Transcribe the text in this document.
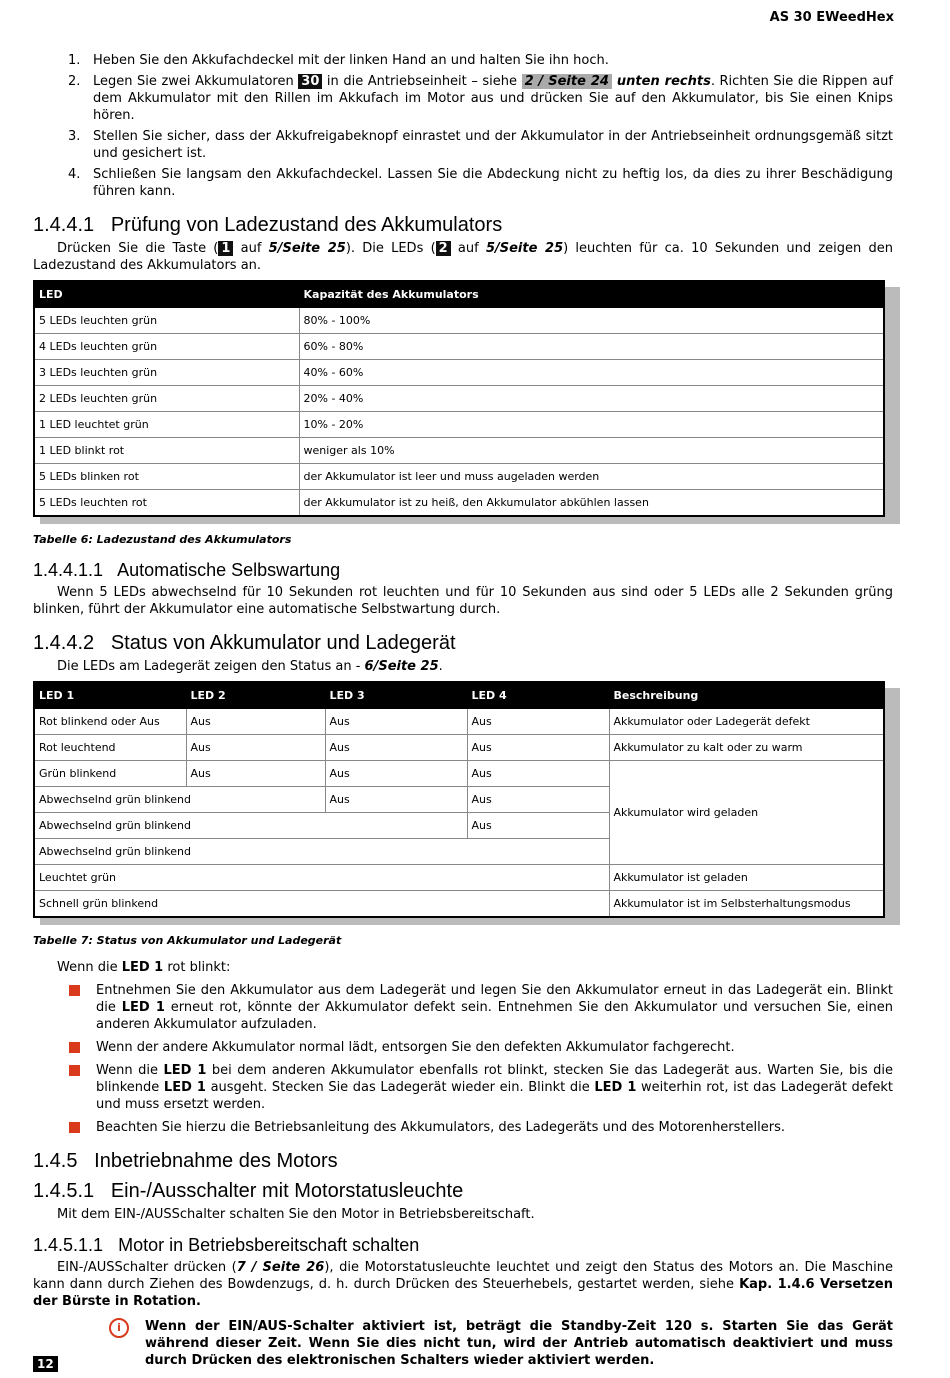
AS 30 EWeedHex
1. Heben Sie den Akkufachdeckel mit der linken Hand an und halten Sie ihn hoch.
2. Legen Sie zwei Akkumulatoren 30 in die Antriebseinheit – siehe 2 / Seite 24 unten rechts. Richten Sie die Rippen auf dem Akkumulator mit den Rillen im Akkufach im Motor aus und drücken Sie auf den Akkumulator, bis Sie einen Knips hören.
3. Stellen Sie sicher, dass der Akkufreigabeknopf einrastet und der Akkumulator in der Antriebseinheit ordnungsgemäß sitzt und gesichert ist.
4. Schließen Sie langsam den Akkufachdeckel. Lassen Sie die Abdeckung nicht zu heftig los, da dies zu ihrer Beschädigung führen kann.
1.4.4.1 Prüfung von Ladezustand des Akkumulators

Drücken Sie die Taste ( 1 auf 5/Seite 25). Die LEDs ( 2 auf 5/Seite 25) leuchten für ca. 10 Sekunden und zeigen den Ladezustand des Akkumulators an.

LED	Kapazität des Akkumulators
5 LEDs leuchten grün	80% - 100%
4 LEDs leuchten grün	60% - 80%
3 LEDs leuchten grün	40% - 60%
2 LEDs leuchten grün	20% - 40%
1 LED leuchtet grün	10% - 20%
1 LED blinkt rot	weniger als 10%
5 LEDs blinken rot	der Akkumulator ist leer und muss augeladen werden
5 LEDs leuchten rot	der Akkumulator ist zu heiß, den Akkumulator abkühlen lassen
Tabelle 6: Ladezustand des Akkumulators
1.4.4.1.1 Automatische Selbswartung

Wenn 5 LEDs abwechselnd für 10 Sekunden rot leuchten und für 10 Sekunden aus sind oder 5 LEDs alle 2 Sekunden grüng blinken, führt der Akkumulator eine automatische Selbstwartung durch.

1.4.4.2 Status von Akkumulator und Ladegerät

Die LEDs am Ladegerät zeigen den Status an - 6/Seite 25.

LED 1	LED 2	LED 3	LED 4	Beschreibung
Rot blinkend oder Aus	Aus	Aus	Aus	Akkumulator oder Ladegerät defekt
Rot leuchtend	Aus	Aus	Aus	Akkumulator zu kalt oder zu warm
Grün blinkend	Aus	Aus	Aus	Akkumulator wird geladen
Abwechselnd grün blinkend		Aus	Aus	
Abwechselnd grün blinkend			Aus	
Abwechselnd grün blinkend				
Leuchtet grün				Akkumulator ist geladen
Schnell grün blinkend				Akkumulator ist im Selbsterhaltungsmodus
Tabelle 7: Status von Akkumulator und Ladegerät

Wenn die LED 1 rot blinkt:

Entnehmen Sie den Akkumulator aus dem Ladegerät und legen Sie den Akkumulator erneut in das Ladegerät ein. Blinkt die LED 1 erneut rot, könnte der Akkumulator defekt sein. Entnehmen Sie den Akkumulator und versuchen Sie, einen anderen Akkumulator aufzuladen.
Wenn der andere Akkumulator normal lädt, entsorgen Sie den defekten Akkumulator fachgerecht.
Wenn die LED 1 bei dem anderen Akkumulator ebenfalls rot blinkt, stecken Sie das Ladegerät aus. Warten Sie, bis die blinkende LED 1 ausgeht. Stecken Sie das Ladegerät wieder ein. Blinkt die LED 1 weiterhin rot, ist das Ladegerät defekt und muss ersetzt werden.
Beachten Sie hierzu die Betriebsanleitung des Akkumulators, des Ladegeräts und des Motorenherstellers.
1.4.5 Inbetriebnahme des Motors
1.4.5.1 Ein-/Ausschalter mit Motorstatusleuchte

Mit dem EIN-/AUSSchalter schalten Sie den Motor in Betriebsbereitschaft.

1.4.5.1.1 Motor in Betriebsbereitschaft schalten

EIN-/AUSSchalter drücken (7 / Seite 26), die Motorstatusleuchte leuchtet und zeigt den Status des Motors an. Die Maschine kann dann durch Ziehen des Bowdenzugs, d. h. durch Drücken des Steuerhebels, gestartet werden, siehe Kap. 1.4.6 Versetzen der Bürste in Rotation.

i	Wenn der EIN/AUS-Schalter aktiviert ist, beträgt die Standby-Zeit 120 s. Starten Sie das Gerät während dieser Zeit. Wenn Sie dies nicht tun, wird der Antrieb automatisch deaktiviert und muss durch Drücken des elektronischen Schalters wieder aktiviert werden.
12
